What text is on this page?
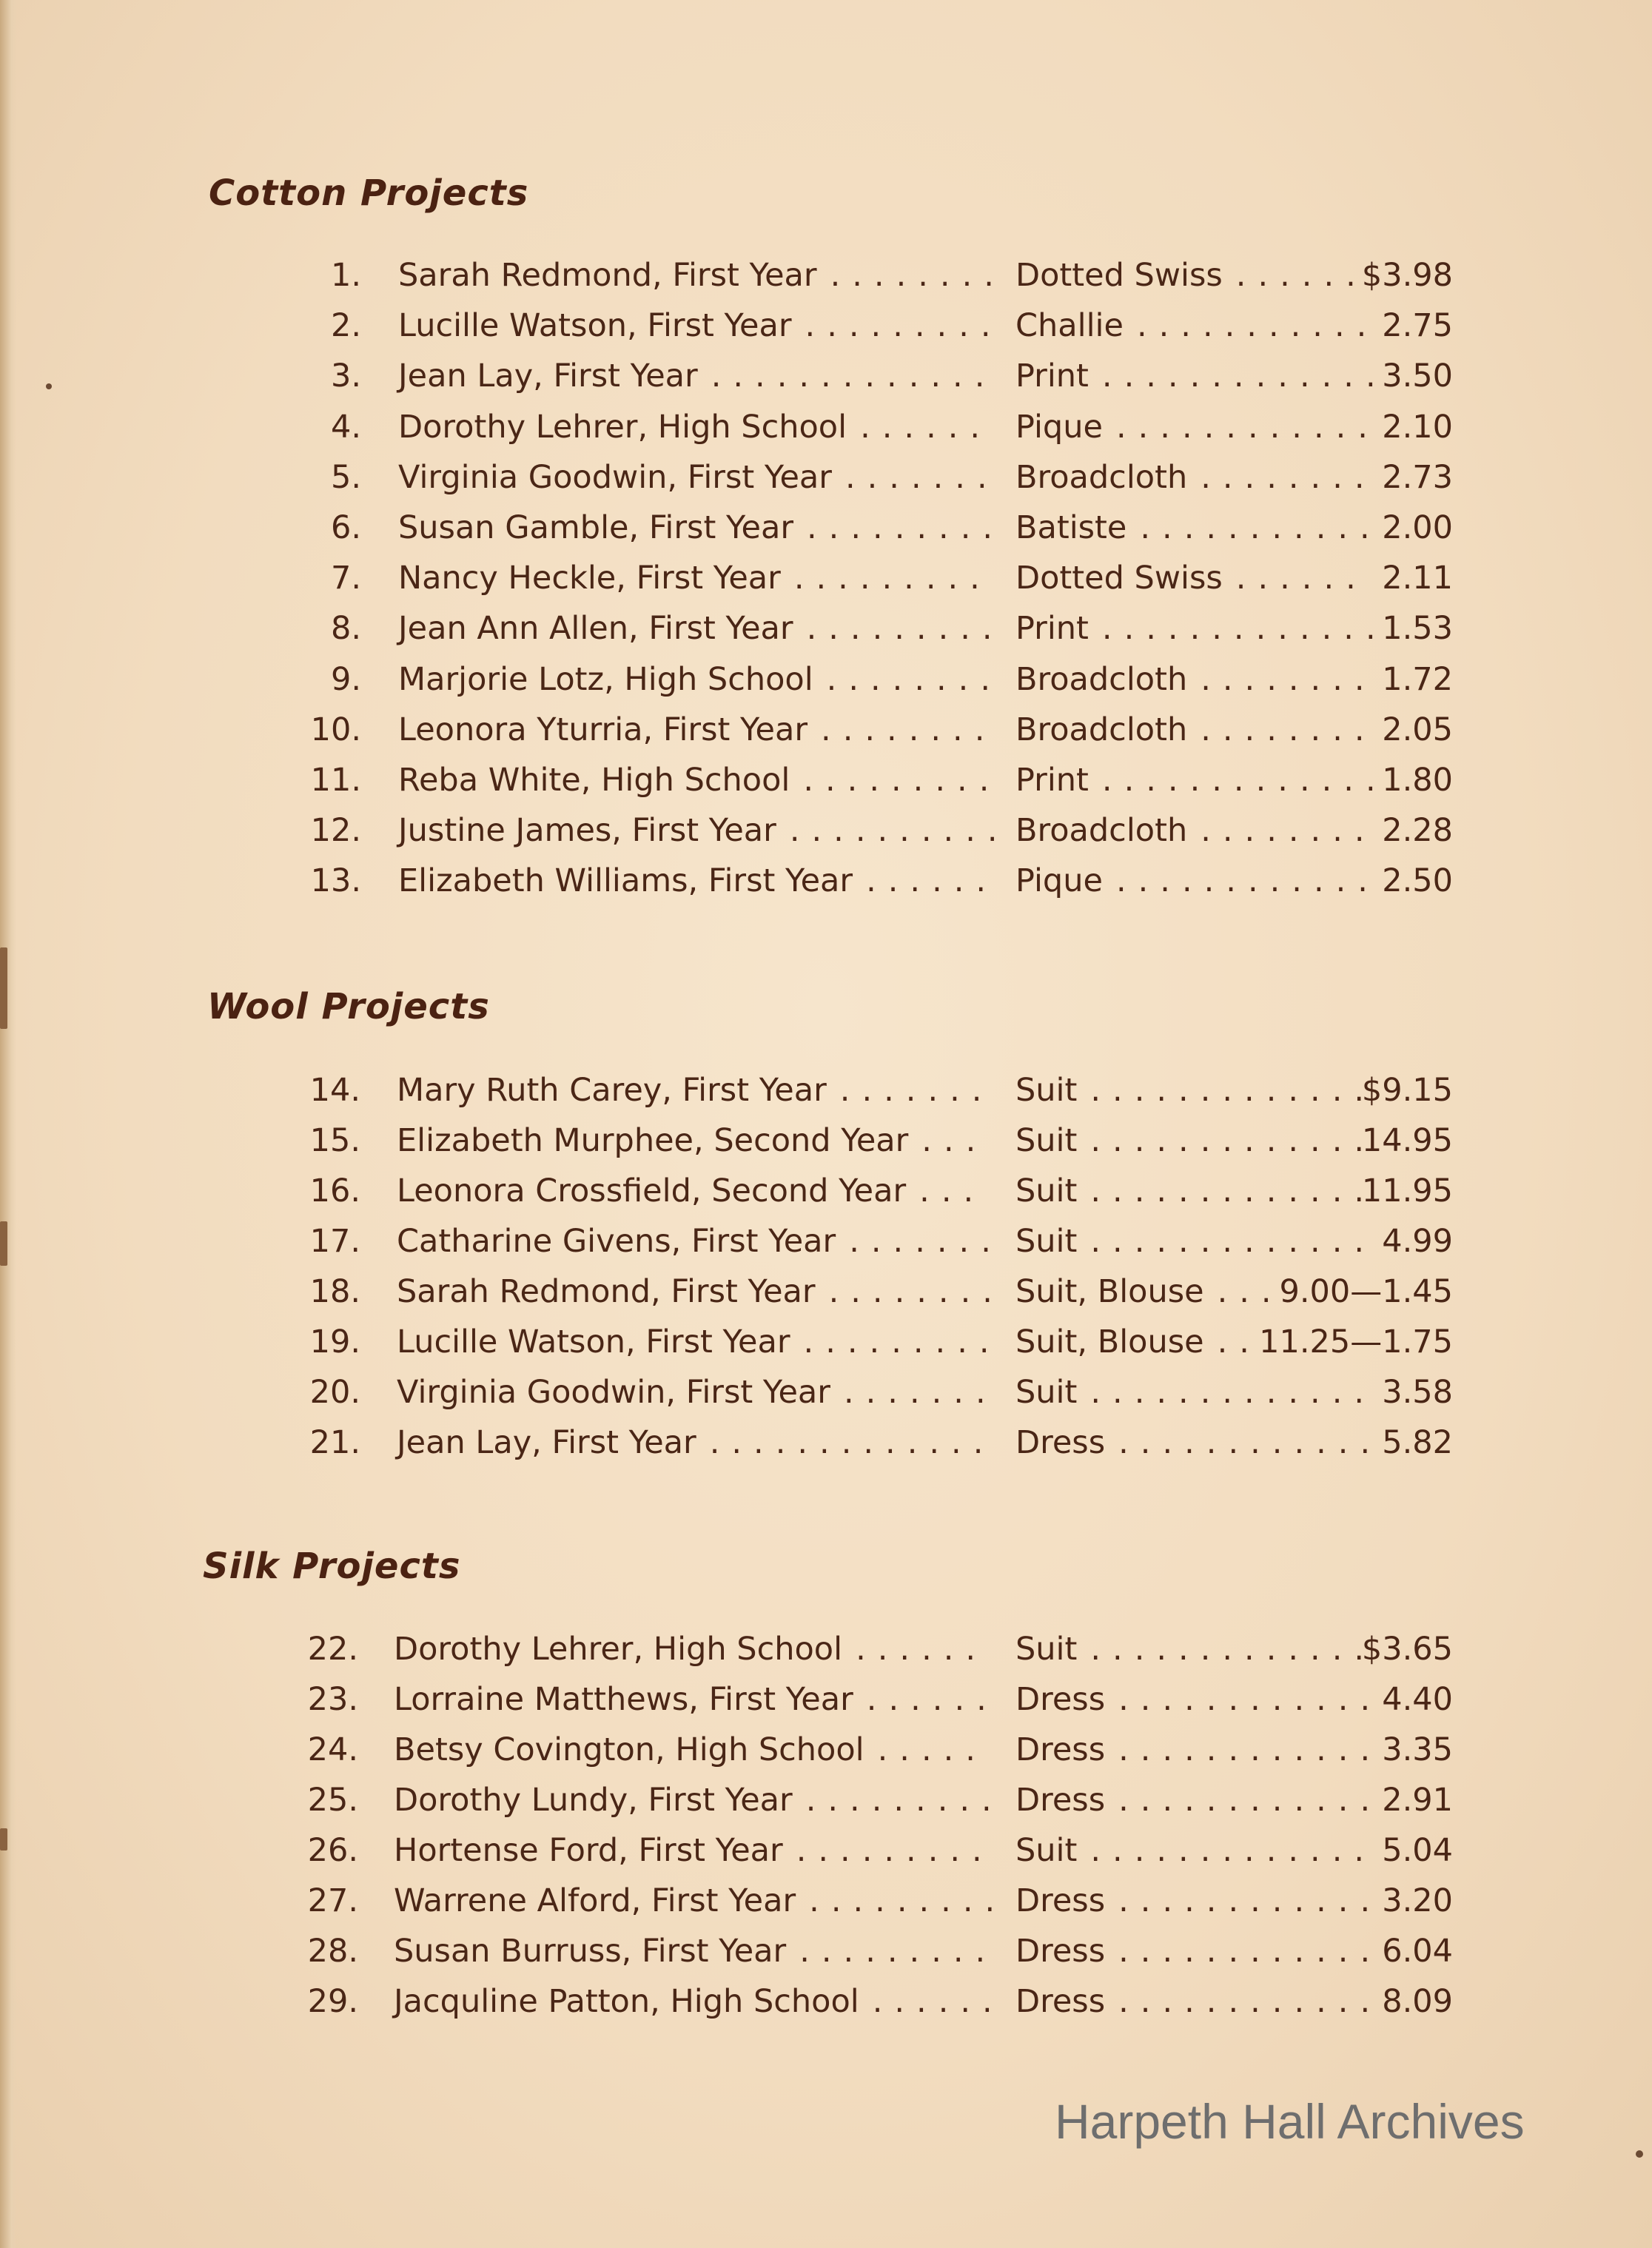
Cotton Projects
1. Sarah Redmond, First Year ........ Dotted Swiss ......
$3.98
2. Lucille Watson, First Year ......... Challie ........... 2.75
3. Jean Lay, First Year ............. Print .............
3.50
4. Dorothy Lehrer, High School ...... Pique ............ 2.10
5. Virginia Goodwin, First Year ....... Broadcloth ........ 2.73
6. Susan Gamble, First Year ......... Batiste ........... 2.00
7. Nancy Heckle, First Year ......... Dotted Swiss ...... 2.11
8. Jean Ann Allen, First Year ......... Print .............
1.53
9. Marjorie Lotz, High School ........ Broadcloth ........ 1.72
10. Leonora Yturria, First Year ........ Broadcloth ........ 2.05
11. Reba White, High School ......... Print .............
1.80
12. Justine James, First Year .......... Broadcloth ........ 2.28
13. Elizabeth Williams, First Year ...... Pique ............ 2.50
Wool Projects
14. Mary Ruth Carey, First Year ....... Suit .............
$9.15
15. Elizabeth Murphee, Second Year ... Suit .............
14.95
16. Leonora Crossfield, Second Year ... Suit .............
11.95
17. Catharine Givens, First Year ....... Suit ............. 4.99
18. Sarah Redmond, First Year ........ Suit, Blouse ...
9.00—1.45
19. Lucille Watson, First Year ......... Suit, Blouse ..
11.25—1.75
20. Virginia Goodwin, First Year ....... Suit ............. 3.58
21. Jean Lay, First Year ............. Dress ............ 5.82
Silk Projects
22. Dorothy Lehrer, High School ...... Suit .............
$3.65
23. Lorraine Matthews, First Year ...... Dress ............ 4.40
24. Betsy Covington, High School ..... Dress ............ 3.35
25. Dorothy Lundy, First Year ......... Dress ............ 2.91
26. Hortense Ford, First Year ......... Suit ............. 5.04
27. Warrene Alford, First Year ......... Dress ............ 3.20
28. Susan Burruss, First Year ......... Dress ............ 6.04
29. Jacquline Patton, High School ...... Dress ............ 8.09
Harpeth Hall Archives
